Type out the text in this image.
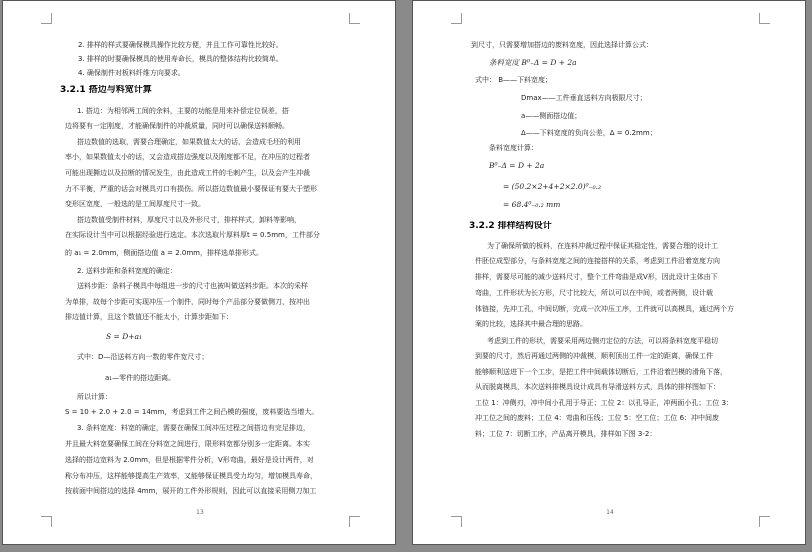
2. 排样的样式要确保模具操作比较方便，并且工作可靠性比较好。
3. 排样的时要确保模具的使用寿命长，模具的整体结构比较简单。
4. 确保制件对板料纤维方向要求。
3.2.1 搭边与料宽计算
1. 搭边：为相邻两工间的余料，主要的功能是用来补偿定位误差，搭
边将要有一定刚度，才能确保制件的冲裁质量，同时可以确保送料顺畅。
搭边数值的选取，需要合理确定，如果数值太大的话，会造成毛坯的利用
率小，如果数值太小的话，又会造成搭边强度以及刚度都不足，在冲压的过程者
可能出现撕边以及拉断的情况发生，由此造成工件的毛刺产生，以及会产生冲裁
力不平衡，严重的话会对模具刃口有损伤。所以搭边数值最小要保证有要大于塑形
变形区宽度，一般选的是工间厚度尺寸一致。
搭边数值受制件材料，厚度尺寸以及外形尺寸，排样样式，卸料等影响，
在实际设计当中可以根据经验进行选定。本次选取片厚料厚t = 0.5mm，工件部分
的 a₁ = 2.0mm，侧面搭边值 a = 2.0mm，排样选单排形式。
2. 送料步距和条料宽度的确定：
送料步距：条料子模具中每组进一步的尺寸也被叫做送料步距。本次的采样
为单排，故每个步距可实现冲压一个制件，同时每个产品部分要做侧刀，按冲出
排边值计算，且这个数值还不能太小，计算步距如下：
S = D+a₁
式中：D—沿送料方向一数的零件宽尺寸；
a₁—零件的搭边距离。
所以计算：
S = 10 + 2.0 + 2.0 = 14mm，考虑到工件之间凸模的强度，废料要选当增大。
3. 条料宽度：料宽的确定，需要在确保工间冲压过程之间搭边有完足排边，
并且最大料宽要确保工间在分料宽之间进行，限形料宽都分别多一定距离。本实
选择的搭边宽料为 2.0mm，但是根据零件分析，V形弯曲，最好是设计两件，对
称分布冲压，这样能够提高生产效率，又能够保证模具受力均匀，增加模具寿命，
按前面中间搭边的选择 4mm，展开的工件外形规则，因此可以直接采用侧刀加工
13
到尺寸，只需要增加搭边的废料宽度，因此选择计算公式：
条料宽度 B⁰₋Δ = D + 2a
式中： B——下料宽度；
Dmax——工件垂直送料方向极限尺寸；
a——侧面搭边值；
Δ——下料宽度的负向公差，Δ = 0.2mm；
条料宽度计算：
B⁰₋Δ = D + 2a
= (50.2×2+4+2×2.0)⁰₋₀.₂
= 68.4⁰₋₀.₂ mm
3.2.2 排样结构设计
为了确保所做的板料，在连料冲裁过程中保证其稳定性，需要合理的设计工
件胚位成型部分，与条料宽度之间的连接搭样的关系，考虑到工件沿着宽度方向
排样，需要尽可能的减少送料尺寸，整个工件弯曲是成V形，因此设计主体由下
弯曲，工件形状为长方形，尺寸比较大，所以可以在中间，或者两侧，设计载
体链接，先冲工孔，中间切断，完成一次冲压工序，工件就可以高模具，通过两个方
案的比较，选择其中最合理的思路。
考虑到工件的形状，需要采用两边侧刃定位的方法，可以将条料宽度平稳切
到要的尺寸，然后再通过两侧的冲裁模，顺利顶出工件一定的距离，确保工件
能够顺利送进下一个工步，是把工件中间载体切断后，工件沿着凹模的滑角下落，
从而脱离模具，本次送料排模具设计成具有导滑送料方式，具体的排样图如下：
工位 1：冲侧刃，冲中间小孔用于导正；工位 2：以孔导正，冲两面小孔；工位 3：
冲工位之间的废料；工位 4：弯曲和压线；工位 5：空工位；工位 6：冲中间废
料；工位 7：切断工序，产品离开模具，排样如下图 3-2：
14
